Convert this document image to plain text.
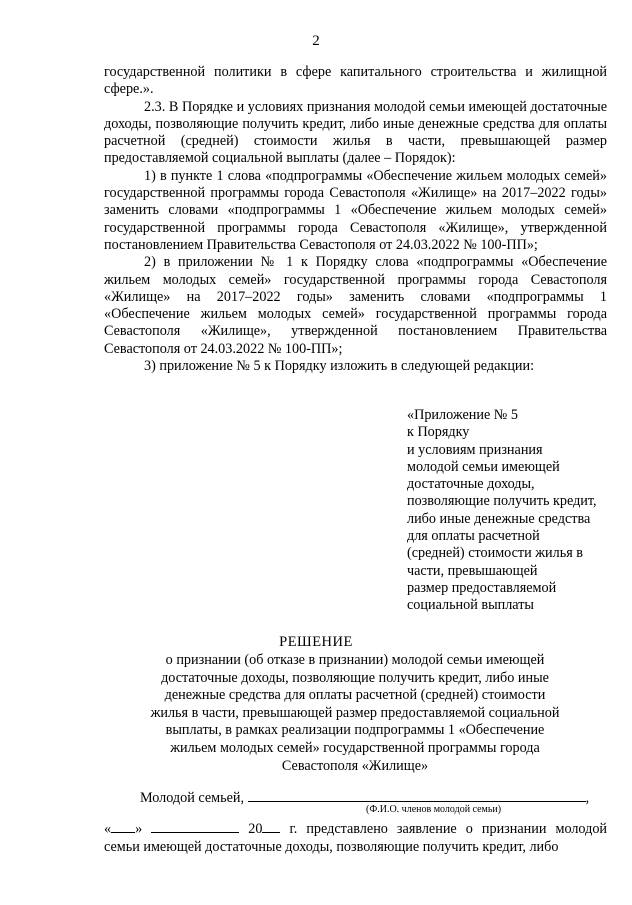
2

государственной политики в сфере капитального строительства и жилищной сфере.».

2.3. В Порядке и условиях признания молодой семьи имеющей достаточные доходы, позволяющие получить кредит, либо иные денежные средства для оплаты расчетной (средней) стоимости жилья в части, превышающей размер предоставляемой социальной выплаты (далее – Порядок):

1) в пункте 1 слова «подпрограммы «Обеспечение жильем молодых семей» государственной программы города Севастополя «Жилище» на 2017–2022 годы» заменить словами «подпрограммы 1 «Обеспечение жильем молодых семей» государственной программы города Севастополя «Жилище», утвержденной постановлением Правительства Севастополя от 24.03.2022 № 100-ПП»;

2) в приложении № 1 к Порядку слова «подпрограммы «Обеспечение жильем молодых семей» государственной программы города Севастополя «Жилище» на 2017–2022 годы» заменить словами «подпрограммы 1 «Обеспечение жильем молодых семей» государственной программы города Севастополя «Жилище», утвержденной постановлением Правительства Севастополя от 24.03.2022 № 100-ПП»;

3) приложение № 5 к Порядку изложить в следующей редакции:

«Приложение № 5
к Порядку
и условиям признания
молодой семьи имеющей
достаточные доходы,
позволяющие получить кредит,
либо иные денежные средства
для оплаты расчетной
(средней) стоимости жилья в
части, превышающей
размер предоставляемой
социальной выплаты
РЕШЕНИЕ
о признании (об отказе в признании) молодой семьи имеющей
достаточные доходы, позволяющие получить кредит, либо иные
денежные средства для оплаты расчетной (средней) стоимости
жилья в части, превышающей размер предоставляемой социальной
выплаты, в рамках реализации подпрограммы 1 «Обеспечение
жильем молодых семей» государственной программы города
Севастополя «Жилище»
Молодой семьей,	,
(Ф.И.О. членов молодой семьи)

« »	20 г. представлено заявление о признании молодой

семьи имеющей достаточные доходы, позволяющие получить кредит, либо
